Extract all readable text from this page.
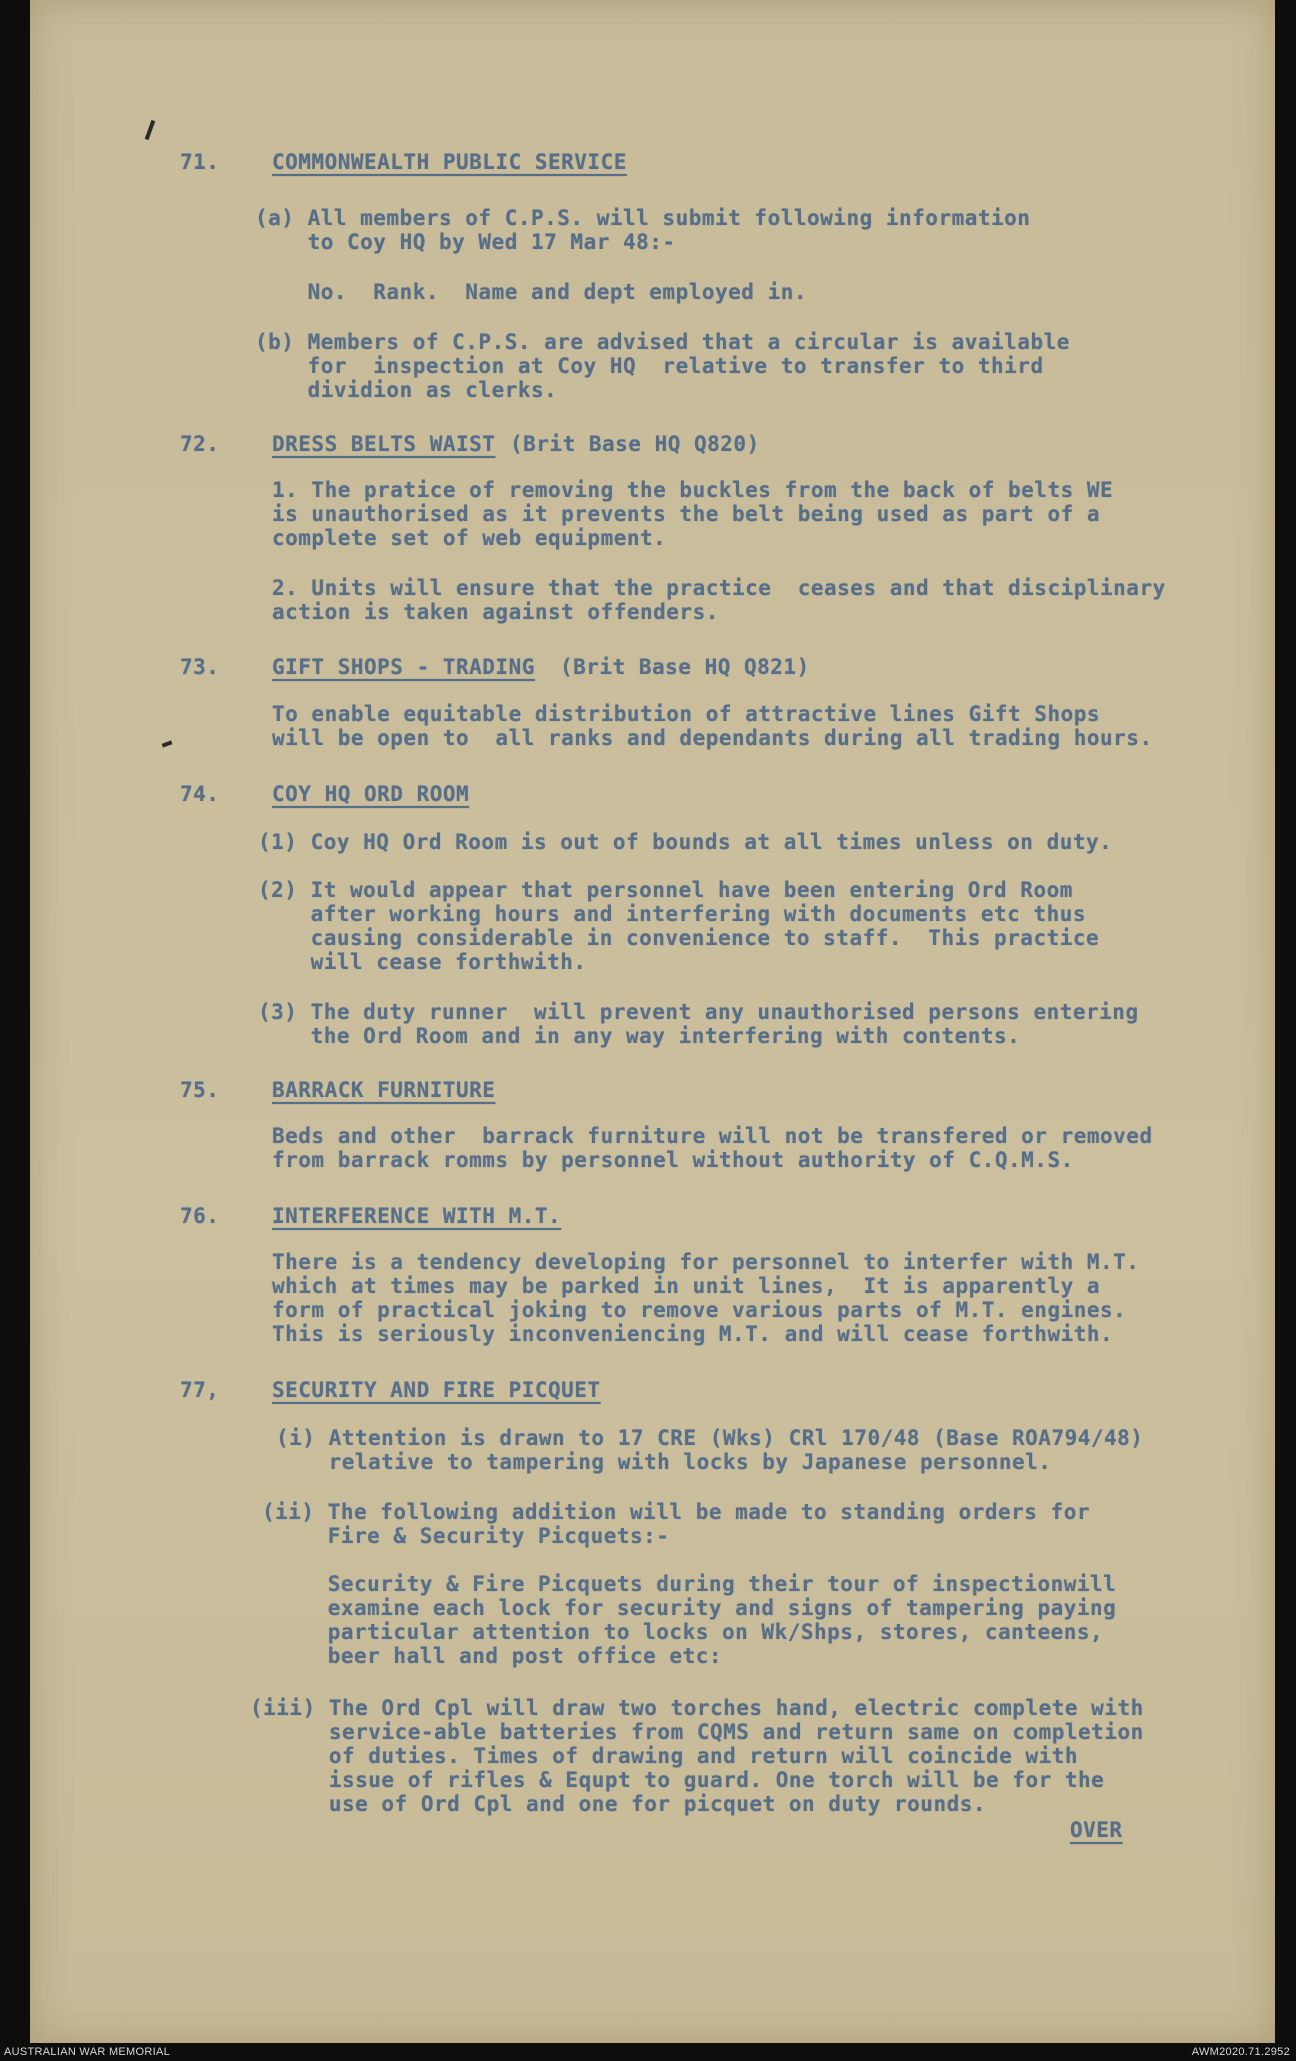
71.	COMMONWEALTH PUBLIC SERVICE
(a) All members of C.P.S. will submit following information
to Coy HQ by Wed 17 Mar 48:-
No.  Rank.  Name and dept employed in.
(b) Members of C.P.S. are advised that a circular is available
for  inspection at Coy HQ  relative to transfer to third
dividion as clerks.
72.	DRESS BELTS WAIST (Brit Base HQ Q820)
1. The pratice of removing the buckles from the back of belts WE
is unauthorised as it prevents the belt being used as part of a
complete set of web equipment.
2. Units will ensure that the practice  ceases and that disciplinary
action is taken against offenders.
73.	GIFT SHOPS - TRADING (Brit Base HQ Q821)
To enable equitable distribution of attractive lines Gift Shops
will be open to  all ranks and dependants during all trading hours.
74.	COY HQ ORD ROOM
(1) Coy HQ Ord Room is out of bounds at all times unless on duty.
(2) It would appear that personnel have been entering Ord Room
after working hours and interfering with documents etc thus
causing considerable in convenience to staff.  This practice
will cease forthwith.
(3) The duty runner  will prevent any unauthorised persons entering
the Ord Room and in any way interfering with contents.
75.	BARRACK FURNITURE
Beds and other  barrack furniture will not be transfered or removed
from barrack romms by personnel without authority of C.Q.M.S.
76.	INTERFERENCE WITH M.T.
There is a tendency developing for personnel to interfer with M.T.
which at times may be parked in unit lines,  It is apparently a
form of practical joking to remove various parts of M.T. engines.
This is seriously inconveniencing M.T. and will cease forthwith.
77,	SECURITY AND FIRE PICQUET
(i) Attention is drawn to 17 CRE (Wks) CRl 170/48 (Base ROA794/48)
relative to tampering with locks by Japanese personnel.
(ii) The following addition will be made to standing orders for
Fire & Security Picquets:-
Security & Fire Picquets during their tour of inspectionwill
examine each lock for security and signs of tampering paying
particular attention to locks on Wk/Shps, stores, canteens,
beer hall and post office etc:
(iii) The Ord Cpl will draw two torches hand, electric complete with
service-able batteries from CQMS and return same on completion
of duties. Times of drawing and return will coincide with
issue of rifles & Equpt to guard. One torch will be for the
use of Ord Cpl and one for picquet on duty rounds.
OVER
AUSTRALIAN WAR MEMORIAL	AWM2020.71.2952
